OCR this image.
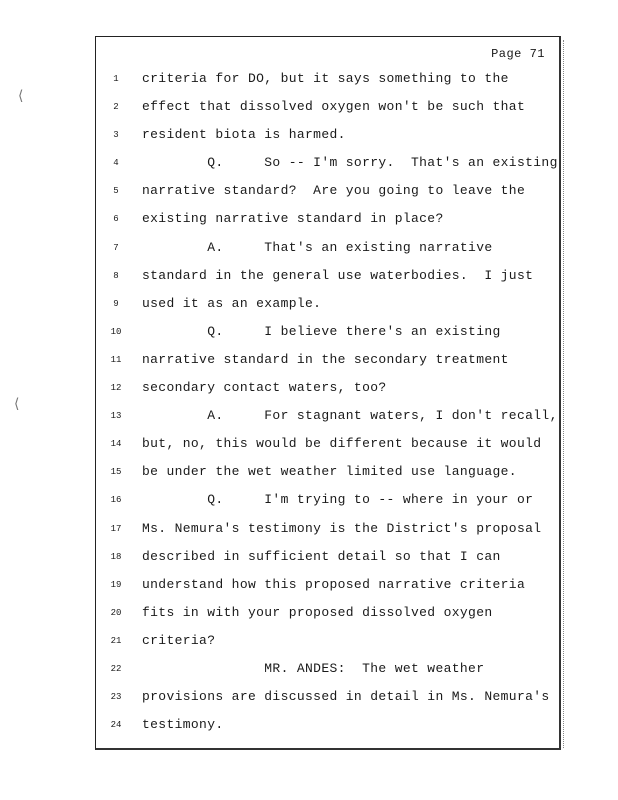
Page 71
⟨
⟨
1
2
3
4
5
6
7
8
9
10
11
12
13
14
15
16
17
18
19
20
21
22
23
24
criteria for DO, but it says something to the
effect that dissolved oxygen won't be such that
resident biota is harmed.
Q.     So -- I'm sorry.  That's an existing
narrative standard?  Are you going to leave the
existing narrative standard in place?
A.     That's an existing narrative
standard in the general use waterbodies.  I just
used it as an example.
Q.     I believe there's an existing
narrative standard in the secondary treatment
secondary contact waters, too?
A.     For stagnant waters, I don't recall,
but, no, this would be different because it would
be under the wet weather limited use language.
Q.     I'm trying to -- where in your or
Ms. Nemura's testimony is the District's proposal
described in sufficient detail so that I can
understand how this proposed narrative criteria
fits in with your proposed dissolved oxygen
criteria?
MR. ANDES:  The wet weather
provisions are discussed in detail in Ms. Nemura's
testimony.
